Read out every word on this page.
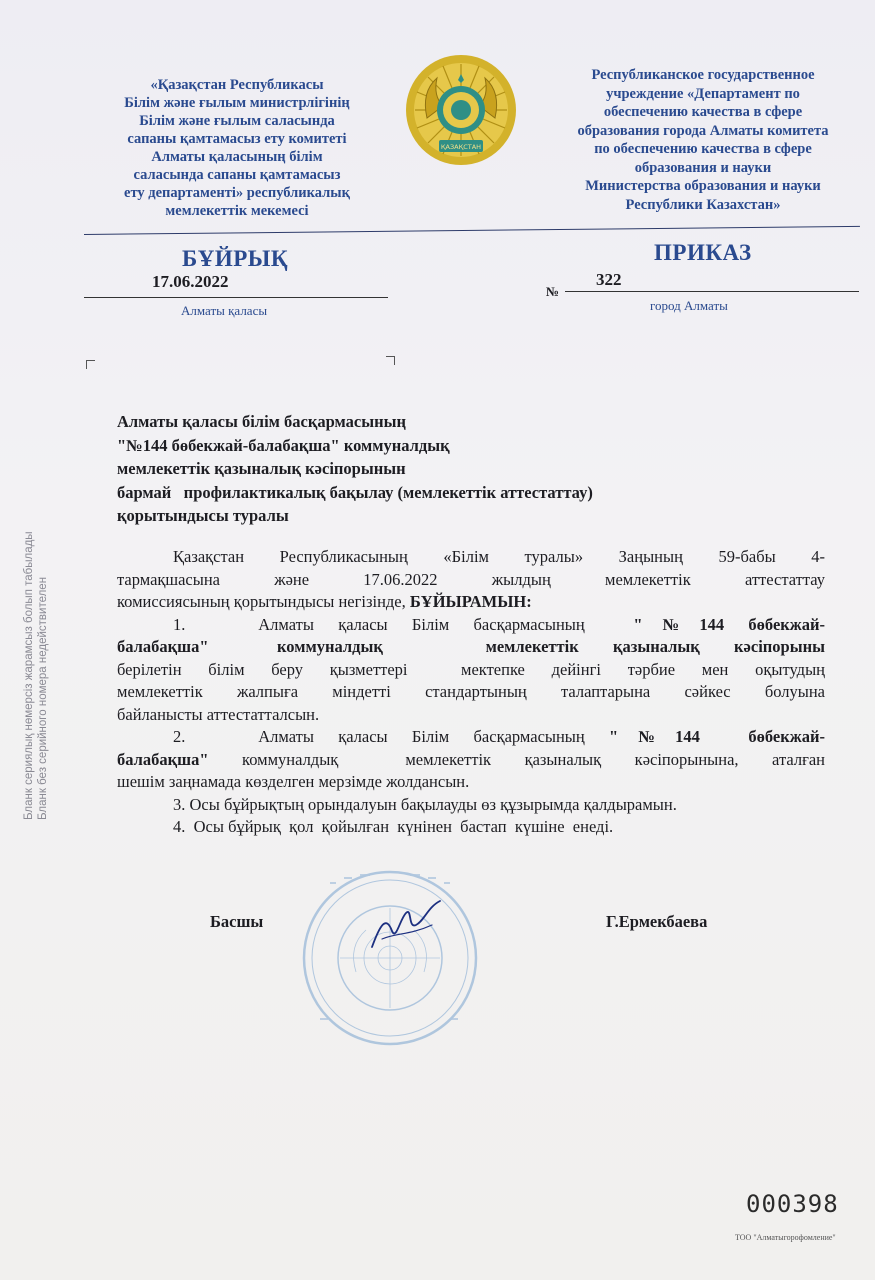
«Қазақстан Республикасы
Білім және ғылым министрлігінің
Білім және ғылым саласында
сапаны қамтамасыз ету комитеті
Алматы қаласының білім
саласында сапаны қамтамасыз
ету департаменті» республикалық
мемлекеттік мекемесі
ҚАЗАҚСТАН
Республиканское государственное
учреждение «Департамент по
обеспечению качества в сфере
образования города Алматы комитета
по обеспечению качества в сфере
образования и науки
Министерства образования и науки
Республики Казахстан»
БҰЙРЫҚ	ПРИКАЗ
17.06.2022
№
322
Алматы қаласы	город Алматы
Алматы қаласы білім басқармасының
"№144 бөбекжай-балабақша" коммуналдық
мемлекеттік қазыналық кәсіпорынын
бармай   профилактикалық бақылау (мемлекеттік аттестаттау)
қорытындысы туралы

Қазақстан Республикасының «Білім туралы» Заңының 59-бабы 4-
тармақшасына және 17.06.2022 жылдың мемлекеттік аттестаттау
комиссиясының қорытындысы негізінде, БҰЙЫРАМЫН:

1.   Алматы қаласы Білім басқармасының  "№144 бөбекжай-
балабақша"  коммуналдық   мемлекеттік қазыналық кәсіпорыны
берілетін білім беру қызметтері  мектепке дейінгі тәрбие мен оқытудың
мемлекеттік жалпыға міндетті стандартының талаптарына сәйкес болуына
байланысты аттестатталсын.

2.   Алматы қаласы Білім басқармасының "№144  бөбекжай-
балабақша" коммуналдық  мемлекеттік қазыналық кәсіпорынына, аталған
шешім заңнамада көзделген мерзімде жолдансын.

3. Осы бұйрықтың орындалуын бақылауды өз құзырымда қалдырамын.

4.  Осы бұйрық  қол  қойылған  күнінен  бастап  күшіне  енеді.

Басшы	Г.Ермекбаева
Бланк сериялық нөмерсіз жарамсыз болып табылады Бланк без серийного номера недействителен
000398
ТОО "Алматыгорофомление"
